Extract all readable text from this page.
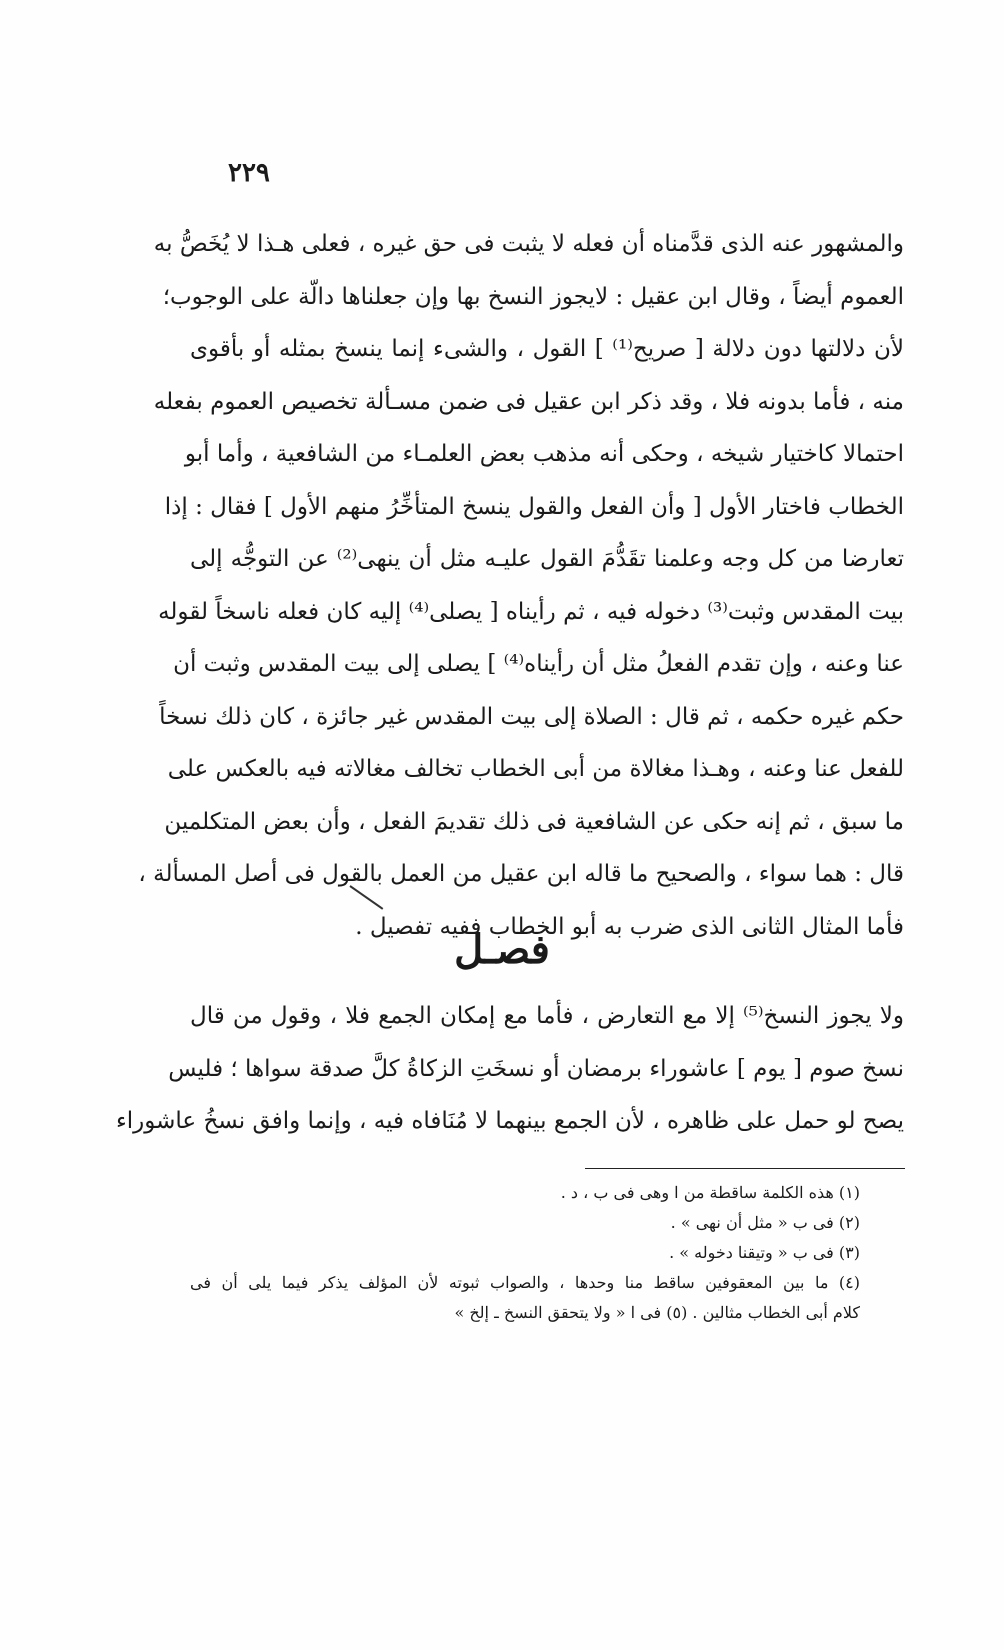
٢٢٩
والمشهور عنه الذى قدَّمناه أن فعله لا يثبت فى حق غيره ، فعلى هـذا لا يُخَصُّ به
العموم أيضاً ، وقال ابن عقيل : لايجوز النسخ بها وإن جعلناها دالّة على الوجوب؛
لأن دلالتها دون دلالة [ صريح⁽¹⁾ ] القول ، والشىء إنما ينسخ بمثله أو بأقوى
منه ، فأما بدونه فلا ، وقد ذكر ابن عقيل فى ضمن مسـألة تخصيص العموم بفعله
احتمالا كاختيار شيخه ، وحكى أنه مذهب بعض العلمـاء من الشافعية ، وأما أبو
الخطاب فاختار الأول [ وأن الفعل والقول ينسخ المتأخِّرُ منهم الأول ] فقال : إذا
تعارضا من كل وجه وعلمنا تقَدُّمَ القول عليـه مثل أن ينهى⁽²⁾ عن التوجُّه إلى
بيت المقدس وثبت⁽³⁾ دخوله فيه ، ثم رأيناه [ يصلى⁽⁴⁾ إليه كان فعله ناسخاً لقوله
عنا وعنه ، وإن تقدم الفعلُ مثل أن رأيناه⁽⁴⁾ ] يصلى إلى بيت المقدس وثبت أن
حكم غيره حكمه ، ثم قال : الصلاة إلى بيت المقدس غير جائزة ، كان ذلك نسخاً
للفعل عنا وعنه ، وهـذا مغالاة من أبى الخطاب تخالف مغالاته فيه بالعكس على
ما سبق ، ثم إنه حكى عن الشافعية فى ذلك تقديمَ الفعل ، وأن بعض المتكلمين
قال : هما سواء ، والصحيح ما قاله ابن عقيل من العمل بالقول فى أصل المسألة ،
فأما المثال الثانى الذى ضرب به أبو الخطاب ففيه تفصيل .
فصـل
ولا يجوز النسخ⁽⁵⁾ إلا مع التعارض ، فأما مع إمكان الجمع فلا ، وقول من قال
نسخ صوم [ يوم ] عاشوراء برمضان أو نسخَتِ الزكاةُ كلَّ صدقة سواها ؛ فليس
يصح لو حمل على ظاهره ، لأن الجمع بينهما لا مُنَافاه فيه ، وإنما وافق نسخُ عاشوراء
(١) هذه الكلمة ساقطة من ا وهى فى ب ، د .
(٢) فى ب « مثل أن نهى » .
(٣) فى ب « وتيقنا دخوله » .
(٤) ما بين المعقوفين ساقط منا وحدها ، والصواب ثبوته لأن المؤلف يذكر فيما يلى أن فى
كلام أبى الخطاب مثالين . (٥) فى ا « ولا يتحقق النسخ ـ إلخ »
